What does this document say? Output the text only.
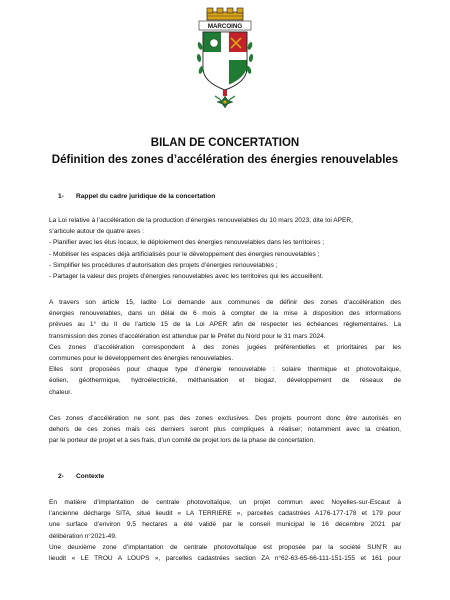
MARCOING
BILAN DE CONCERTATION
Définition des zones d’accélération des énergies renouvelables
1- Rappel du cadre juridique de la concertation
La Loi relative à l’accélération de la production d’énergies renouvelables du 10 mars 2023, dite loi APER,
s’articule autour de quatre axes :
- Planifier avec les élus locaux, le déploiement des énergies renouvelables dans les territoires ;
- Mobiliser les espaces déjà artificialisés pour le développement des énergies renouvelables ;
- Simplifier les procédures d’autorisation des projets d’énergies renouvelables ;
- Partager la valeur des projets d’énergies renouvelables avec les territoires qui les accueillent.
A travers son article 15, ladite Loi demande aux communes de définir des zones d’accélération des
énergies renouvelables, dans un délai de 6 mois à compter de la mise à disposition des informations
prévues au 1° du II de l’article 15 de la Loi APER afin de respecter les échéances réglementaires. La
transmission des zones d’accélération est attendue par le Préfet du Nord pour le 31 mars 2024.
Ces zones d’accélération correspondent à des zones jugées préférentielles et prioritaires par les
communes pour le développement des énergies renouvelables.
Elles sont proposées pour chaque type d’énergie renouvelable : solaire thermique et photovoltaïque,
éolien, géothermique, hydroélectricité, méthanisation et biogaz, développement de réseaux de
chaleur.
Ces zones d’accélération ne sont pas des zones exclusives. Des projets pourront donc être autorisés en
dehors de ces zones mais ces derniers seront plus compliqués à réaliser; notamment avec la création,
par le porteur de projet et à ses frais, d’un comité de projet lors de la phase de concertation.
2- Contexte
En matière d’implantation de centrale photovoltaïque, un projet commun avec Noyelles-sur-Escaut à
l’ancienne décharge SITA, situé lieudit « LA TERRIERE », parcelles cadastrées A176-177-178 et 179 pour
une surface d’environ 9,5 hectares a été validé par le conseil municipal le 16 décembre 2021 par
délibération n°2021-49.
Une deuxième zone d’implantation de centrale photovoltaïque est proposée par la société SUN’R au
lieudit « LE TROU A LOUPS », parcelles cadastrées section ZA n°62-63-65-66-111-151-155 et 161 pour
